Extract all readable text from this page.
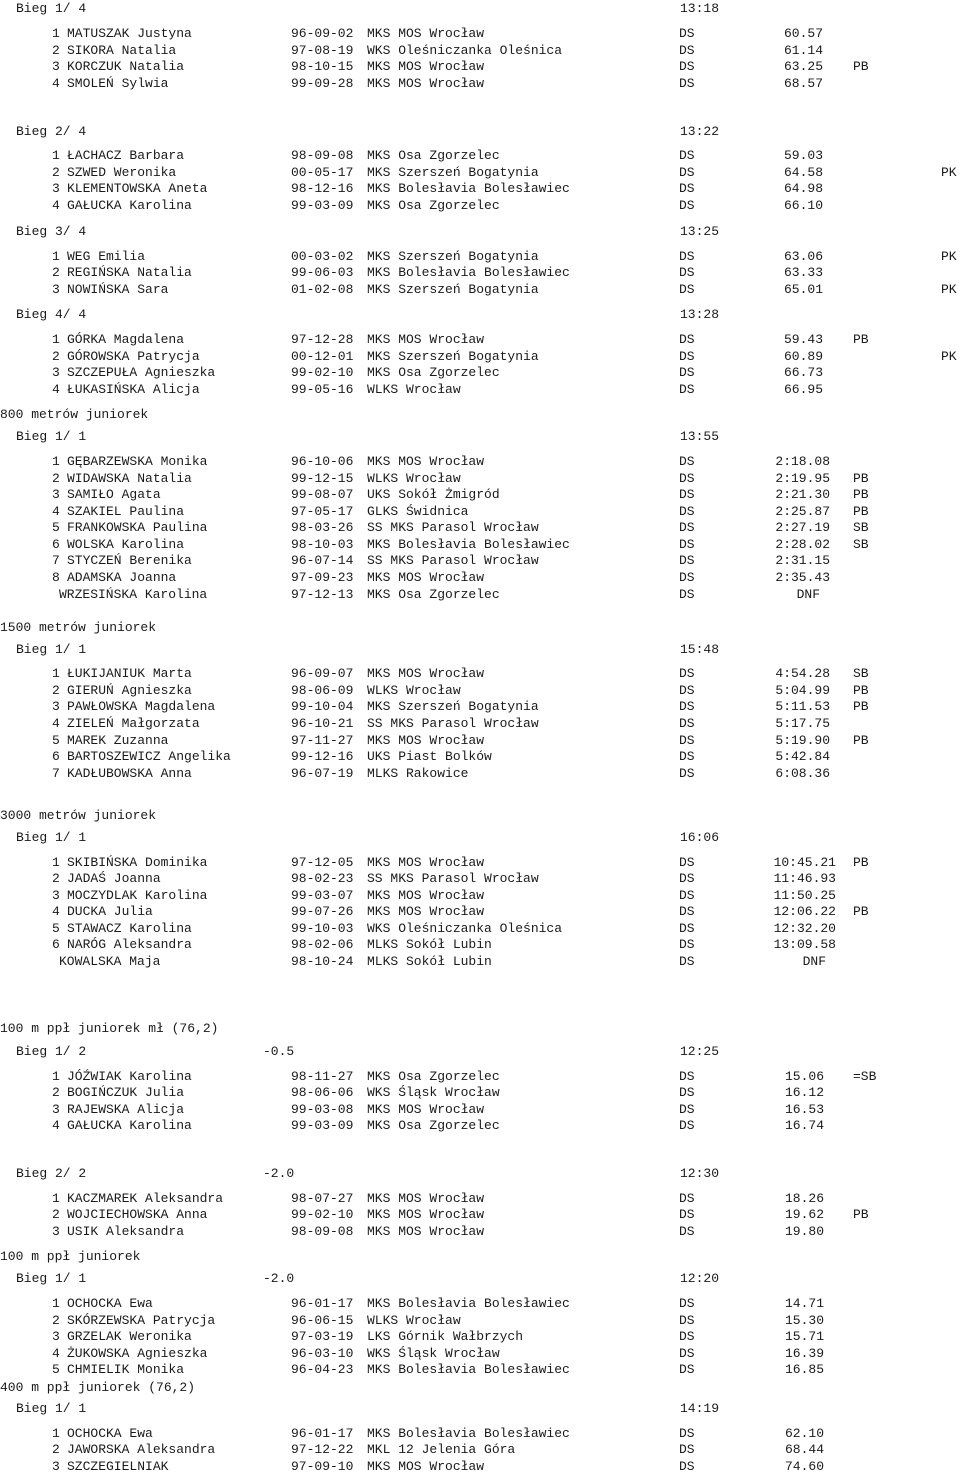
Bieg 1/ 4	13:18
1 MATUSZAK Justyna	96-09-02 MKS MOS Wrocław	DS	60.57
2 SIKORA Natalia	97-08-19 WKS Oleśniczanka Oleśnica	DS	61.14
3 KORCZUK Natalia	98-10-15 MKS MOS Wrocław	DS	63.25 PB
4 SMOLEŃ Sylwia	99-09-28 MKS MOS Wrocław	DS	68.57
Bieg 2/ 4	13:22
1 ŁACHACZ Barbara	98-09-08 MKS Osa Zgorzelec	DS	59.03
2 SZWED Weronika	00-05-17 MKS Szerszeń Bogatynia	DS	64.58	PK
3 KLEMENTOWSKA Aneta	98-12-16 MKS Bolesłavia Bolesławiec	DS	64.98
4 GAŁUCKA Karolina	99-03-09 MKS Osa Zgorzelec	DS	66.10
Bieg 3/ 4	13:25
1 WEG Emilia	00-03-02 MKS Szerszeń Bogatynia	DS	63.06	PK
2 REGIŃSKA Natalia	99-06-03 MKS Bolesłavia Bolesławiec	DS	63.33
3 NOWIŃSKA Sara	01-02-08 MKS Szerszeń Bogatynia	DS	65.01	PK
Bieg 4/ 4	13:28
1 GÓRKA Magdalena	97-12-28 MKS MOS Wrocław	DS	59.43 PB
2 GÓROWSKA Patrycja	00-12-01 MKS Szerszeń Bogatynia	DS	60.89	PK
3 SZCZEPUŁA Agnieszka	99-02-10 MKS Osa Zgorzelec	DS	66.73
4 ŁUKASIŃSKA Alicja	99-05-16 WLKS Wrocław	DS	66.95
800 metrów juniorek
Bieg 1/ 1	13:55
1 GĘBARZEWSKA Monika	96-10-06 MKS MOS Wrocław	DS	2:18.08
2 WIDAWSKA Natalia	99-12-15 WLKS Wrocław	DS	2:19.95 PB
3 SAMIŁO Agata	99-08-07 UKS Sokół Żmigród	DS	2:21.30 PB
4 SZAKIEL Paulina	97-05-17 GLKS Świdnica	DS	2:25.87 PB
5 FRANKOWSKA Paulina	98-03-26 SS MKS Parasol Wrocław	DS	2:27.19 SB
6 WOLSKA Karolina	98-10-03 MKS Bolesłavia Bolesławiec	DS	2:28.02 SB
7 STYCZEŃ Berenika	96-07-14 SS MKS Parasol Wrocław	DS	2:31.15
8 ADAMSKA Joanna	97-09-23 MKS MOS Wrocław	DS	2:35.43
WRZESIŃSKA Karolina	97-12-13 MKS Osa Zgorzelec	DS	DNF
1500 metrów juniorek
Bieg 1/ 1	15:48
1 ŁUKIJANIUK Marta	96-09-07 MKS MOS Wrocław	DS	4:54.28 SB
2 GIERUŃ Agnieszka	98-06-09 WLKS Wrocław	DS	5:04.99 PB
3 PAWŁOWSKA Magdalena	99-10-04 MKS Szerszeń Bogatynia	DS	5:11.53 PB
4 ZIELEŃ Małgorzata	96-10-21 SS MKS Parasol Wrocław	DS	5:17.75
5 MAREK Zuzanna	97-11-27 MKS MOS Wrocław	DS	5:19.90 PB
6 BARTOSZEWICZ Angelika	99-12-16 UKS Piast Bolków	DS	5:42.84
7 KADŁUBOWSKA Anna	96-07-19 MLKS Rakowice	DS	6:08.36
3000 metrów juniorek
Bieg 1/ 1	16:06
1 SKIBIŃSKA Dominika	97-12-05 MKS MOS Wrocław	DS	10:45.21 PB
2 JADAŚ Joanna	98-02-23 SS MKS Parasol Wrocław	DS	11:46.93
3 MOCZYDLAK Karolina	99-03-07 MKS MOS Wrocław	DS	11:50.25
4 DUCKA Julia	99-07-26 MKS MOS Wrocław	DS	12:06.22 PB
5 STAWACZ Karolina	99-10-03 WKS Oleśniczanka Oleśnica	DS	12:32.20
6 NARÓG Aleksandra	98-02-06 MLKS Sokół Lubin	DS	13:09.58
KOWALSKA Maja	98-10-24 MLKS Sokół Lubin	DS	DNF
100 m ppł juniorek mł (76,2)
Bieg 1/ 2	-0.5	12:25
1 JÓŹWIAK Karolina	98-11-27 MKS Osa Zgorzelec	DS	15.06 =SB
2 BOGIŃCZUK Julia	98-06-06 WKS Śląsk Wrocław	DS	16.12
3 RAJEWSKA Alicja	99-03-08 MKS MOS Wrocław	DS	16.53
4 GAŁUCKA Karolina	99-03-09 MKS Osa Zgorzelec	DS	16.74
Bieg 2/ 2	-2.0	12:30
1 KACZMAREK Aleksandra	98-07-27 MKS MOS Wrocław	DS	18.26
2 WOJCIECHOWSKA Anna	99-02-10 MKS MOS Wrocław	DS	19.62 PB
3 USIK Aleksandra	98-09-08 MKS MOS Wrocław	DS	19.80
100 m ppł juniorek
Bieg 1/ 1	-2.0	12:20
1 OCHOCKA Ewa	96-01-17 MKS Bolesłavia Bolesławiec	DS	14.71
2 SKÓRZEWSKA Patrycja	96-06-15 WLKS Wrocław	DS	15.30
3 GRZELAK Weronika	97-03-19 LKS Górnik Wałbrzych	DS	15.71
4 ŻUKOWSKA Agnieszka	96-03-10 WKS Śląsk Wrocław	DS	16.39
5 CHMIELIK Monika	96-04-23 MKS Bolesłavia Bolesławiec	DS	16.85
400 m ppł juniorek (76,2)
Bieg 1/ 1	14:19
1 OCHOCKA Ewa	96-01-17 MKS Bolesłavia Bolesławiec	DS	62.10
2 JAWORSKA Aleksandra	97-12-22 MKL 12 Jelenia Góra	DS	68.44
3 SZCZEGIELNIAK	97-09-10 MKS MOS Wrocław	DS	74.60
